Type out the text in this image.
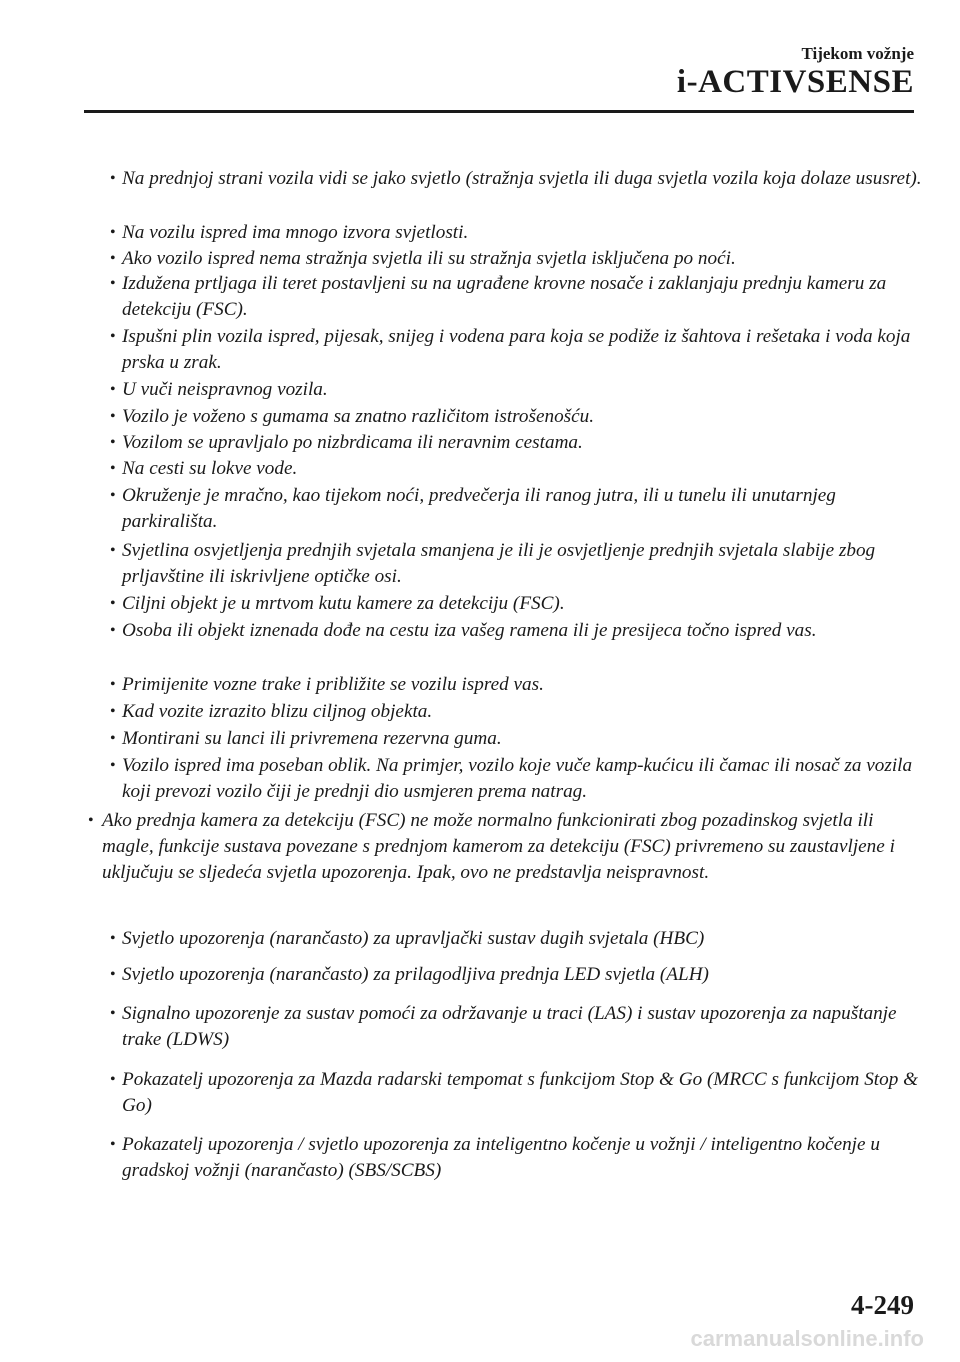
Tijekom vožnje
i-ACTIVSENSE
• Na prednjoj strani vozila vidi se jako svjetlo (stražnja svjetla ili duga svjetla vozila koja dolaze ususret).
• Na vozilu ispred ima mnogo izvora svjetlosti.
• Ako vozilo ispred nema stražnja svjetla ili su stražnja svjetla isključena po noći.
• Izdužena prtljaga ili teret postavljeni su na ugrađene krovne nosače i zaklanjaju prednju kameru za detekciju (FSC).
• Ispušni plin vozila ispred, pijesak, snijeg i vodena para koja se podiže iz šahtova i rešetaka i voda koja prska u zrak.
• U vuči neispravnog vozila.
• Vozilo je voženo s gumama sa znatno različitom istrošenošću.
• Vozilom se upravljalo po nizbrdicama ili neravnim cestama.
• Na cesti su lokve vode.
• Okruženje je mračno, kao tijekom noći, predvečerja ili ranog jutra, ili u tunelu ili unutarnjeg parkirališta.
• Svjetlina osvjetljenja prednjih svjetala smanjena je ili je osvjetljenje prednjih svjetala slabije zbog prljavštine ili iskrivljene optičke osi.
• Ciljni objekt je u mrtvom kutu kamere za detekciju (FSC).
• Osoba ili objekt iznenada dođe na cestu iza vašeg ramena ili je presijeca točno ispred vas.
• Primijenite vozne trake i približite se vozilu ispred vas.
• Kad vozite izrazito blizu ciljnog objekta.
• Montirani su lanci ili privremena rezervna guma.
• Vozilo ispred ima poseban oblik. Na primjer, vozilo koje vuče kamp-kućicu ili čamac ili nosač za vozila koji prevozi vozilo čiji je prednji dio usmjeren prema natrag.
• Ako prednja kamera za detekciju (FSC) ne može normalno funkcionirati zbog pozadinskog svjetla ili magle, funkcije sustava povezane s prednjom kamerom za detekciju (FSC) privremeno su zaustavljene i uključuju se sljedeća svjetla upozorenja. Ipak, ovo ne predstavlja neispravnost.
• Svjetlo upozorenja (narančasto) za upravljački sustav dugih svjetala (HBC)
• Svjetlo upozorenja (narančasto) za prilagodljiva prednja LED svjetla (ALH)
• Signalno upozorenje za sustav pomoći za održavanje u traci (LAS) i sustav upozorenja za napuštanje trake (LDWS)
• Pokazatelj upozorenja za Mazda radarski tempomat s funkcijom Stop & Go (MRCC s funkcijom Stop & Go)
• Pokazatelj upozorenja / svjetlo upozorenja za inteligentno kočenje u vožnji / inteligentno kočenje u gradskoj vožnji (narančasto) (SBS/SCBS)
4-249
carmanualsonline.info
